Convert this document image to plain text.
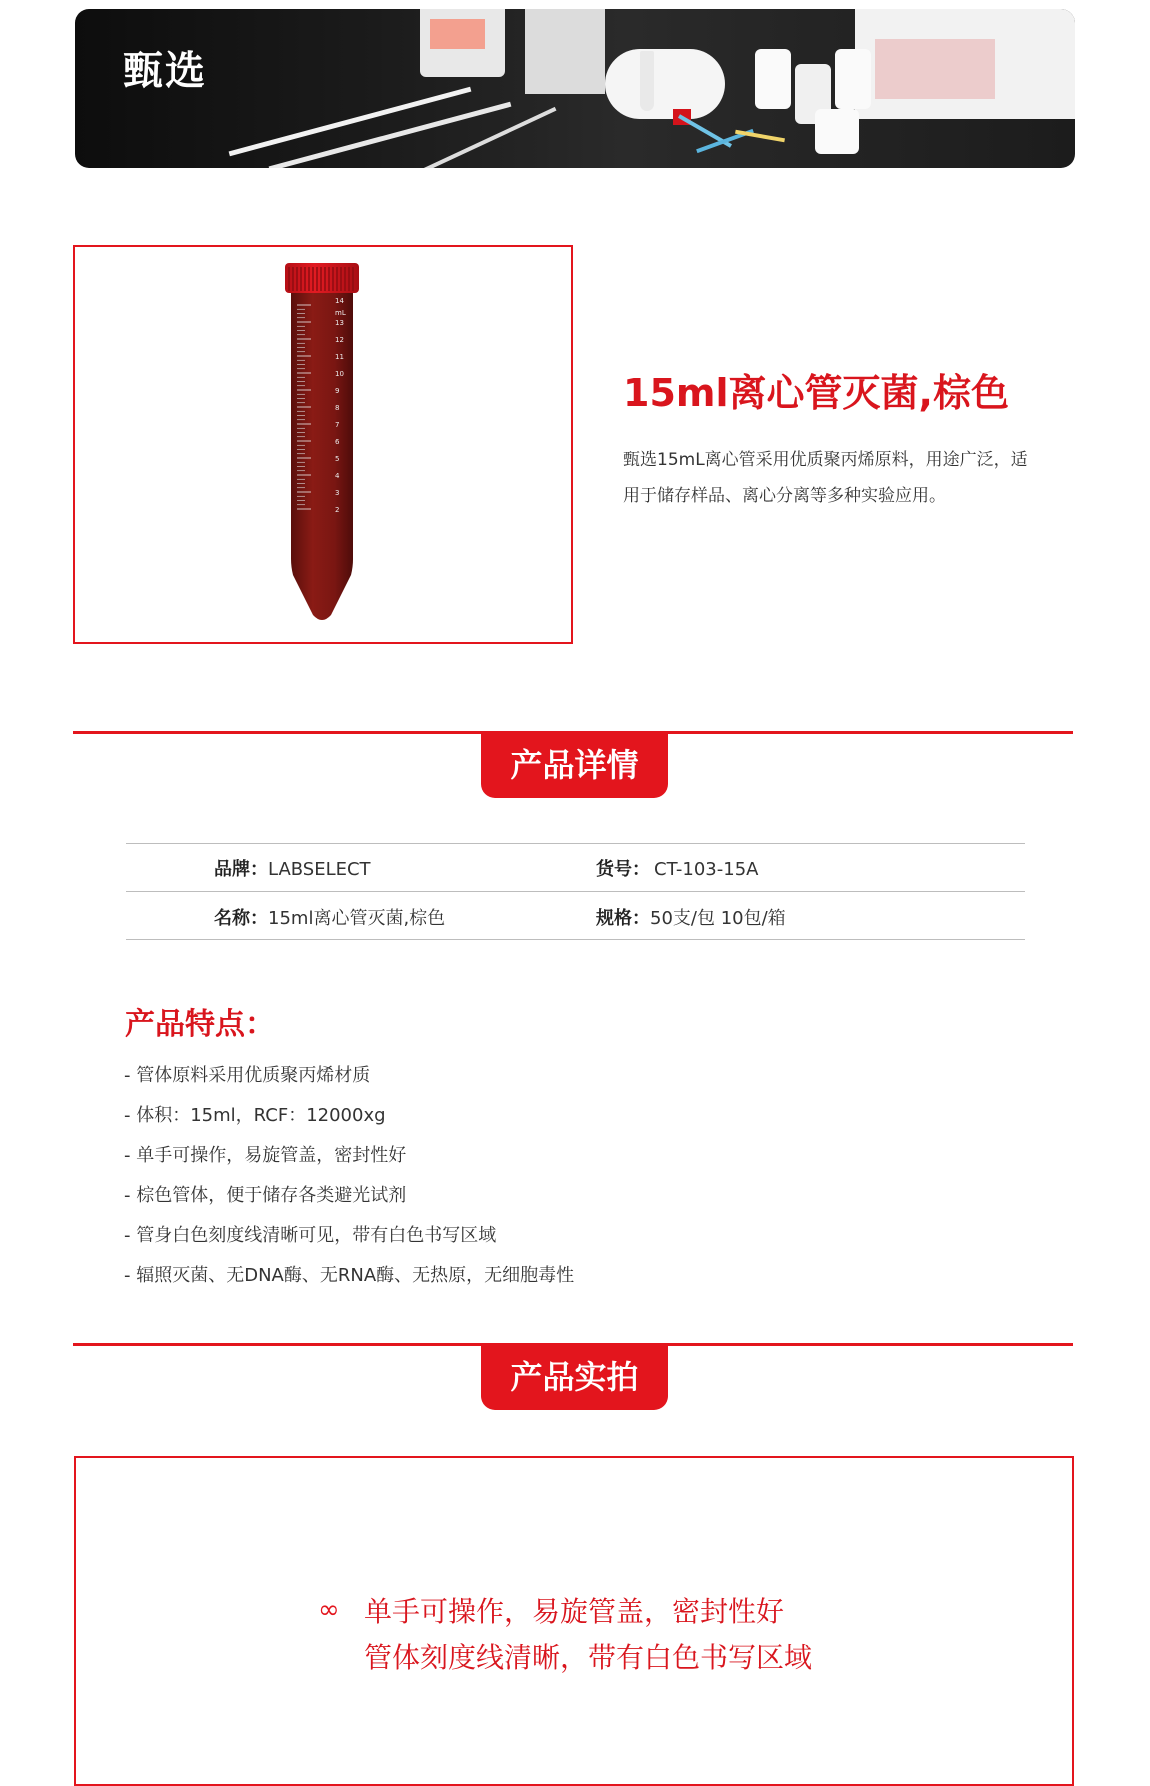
甄选
14
13
12
11
10
9
8
7
6
5
4
3
2
mL
15ml离心管灭菌,棕色
甄选15mL离心管采用优质聚丙烯原料，用途广泛，适用于储存样品、离心分离等多种实验应用。
产品详情
品牌：LABSELECT	货号： CT-103-15A
名称：15ml离心管灭菌,棕色	规格：50支/包 10包/箱
产品特点：
- 管体原料采用优质聚丙烯材质
- 体积：15ml，RCF：12000xg
- 单手可操作，易旋管盖，密封性好
- 棕色管体，便于储存各类避光试剂
- 管身白色刻度线清晰可见，带有白色书写区域
- 辐照灭菌、无DNA酶、无RNA酶、无热原，无细胞毒性
产品实拍
∞ 单手可操作，易旋管盖，密封性好
管体刻度线清晰，带有白色书写区域
